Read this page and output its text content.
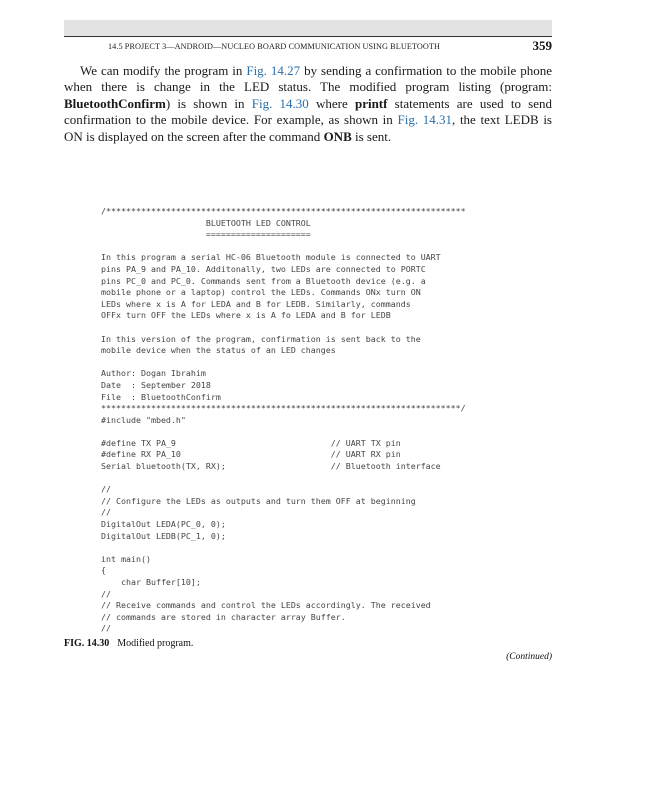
14.5 PROJECT 3—ANDROID—NUCLEO BOARD COMMUNICATION USING BLUETOOTH	359

We can modify the program in Fig. 14.27 by sending a confirmation to the mobile phone when there is change in the LED status. The modified program listing (program: BluetoothConfirm) is shown in Fig. 14.30 where printf statements are used to send confirmation to the mobile device. For example, as shown in Fig. 14.31, the text LEDB is ON is displayed on the screen after the command ONB is sent.

/************************************************************************
BLUETOOTH LED CONTROL
=====================
In this program a serial HC-06 Bluetooth module is connected to UART
pins PA_9 and PA_10. Additonally, two LEDs are connected to PORTC
pins PC_0 and PC_0. Commands sent from a Bluetooth device (e.g. a
mobile phone or a laptop) control the LEDs. Commands ONx turn ON
LEDs where x is A for LEDA and B for LEDB. Similarly, commands
OFFx turn OFF the LEDs where x is A fo LEDA and B for LEDB
In this version of the program, confirmation is sent back to the
mobile device when the status of an LED changes
Author: Dogan Ibrahim
Date  : September 2018
File  : BluetoothConfirm
************************************************************************/
#include "mbed.h"
#define TX PA_9                               // UART TX pin
#define RX PA_10                              // UART RX pin
Serial bluetooth(TX, RX);                     // Bluetooth interface
//
// Configure the LEDs as outputs and turn them OFF at beginning
//
DigitalOut LEDA(PC_0, 0);
DigitalOut LEDB(PC_1, 0);
int main()
{
char Buffer[10];
//
// Receive commands and control the LEDs accordingly. The received
// commands are stored in character array Buffer.
//
FIG. 14.30 Modified program.
(Continued)
